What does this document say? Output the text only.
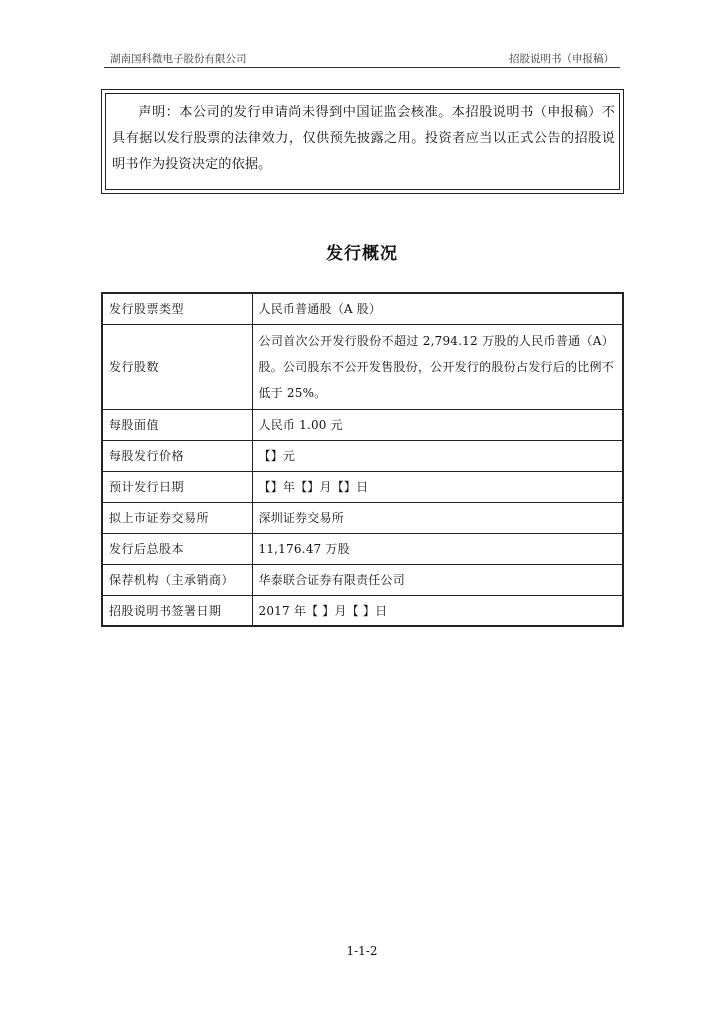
湖南国科微电子股份有限公司	招股说明书（申报稿）
声明：本公司的发行申请尚未得到中国证监会核准。本招股说明书（申报稿）不具有据以发行股票的法律效力，仅供预先披露之用。投资者应当以正式公告的招股说明书作为投资决定的依据。
发行概况
发行股票类型	人民币普通股（A 股）
发行股数	公司首次公开发行股份不超过 2,794.12 万股的人民币普通（A）股。公司股东不公开发售股份，公开发行的股份占发行后的比例不低于 25%。
每股面值	人民币 1.00 元
每股发行价格	【】元
预计发行日期	【】年【】月【】日
拟上市证券交易所	深圳证券交易所
发行后总股本	11,176.47 万股
保荐机构（主承销商）	华泰联合证券有限责任公司
招股说明书签署日期	2017 年【 】月【 】日
1-1-2
